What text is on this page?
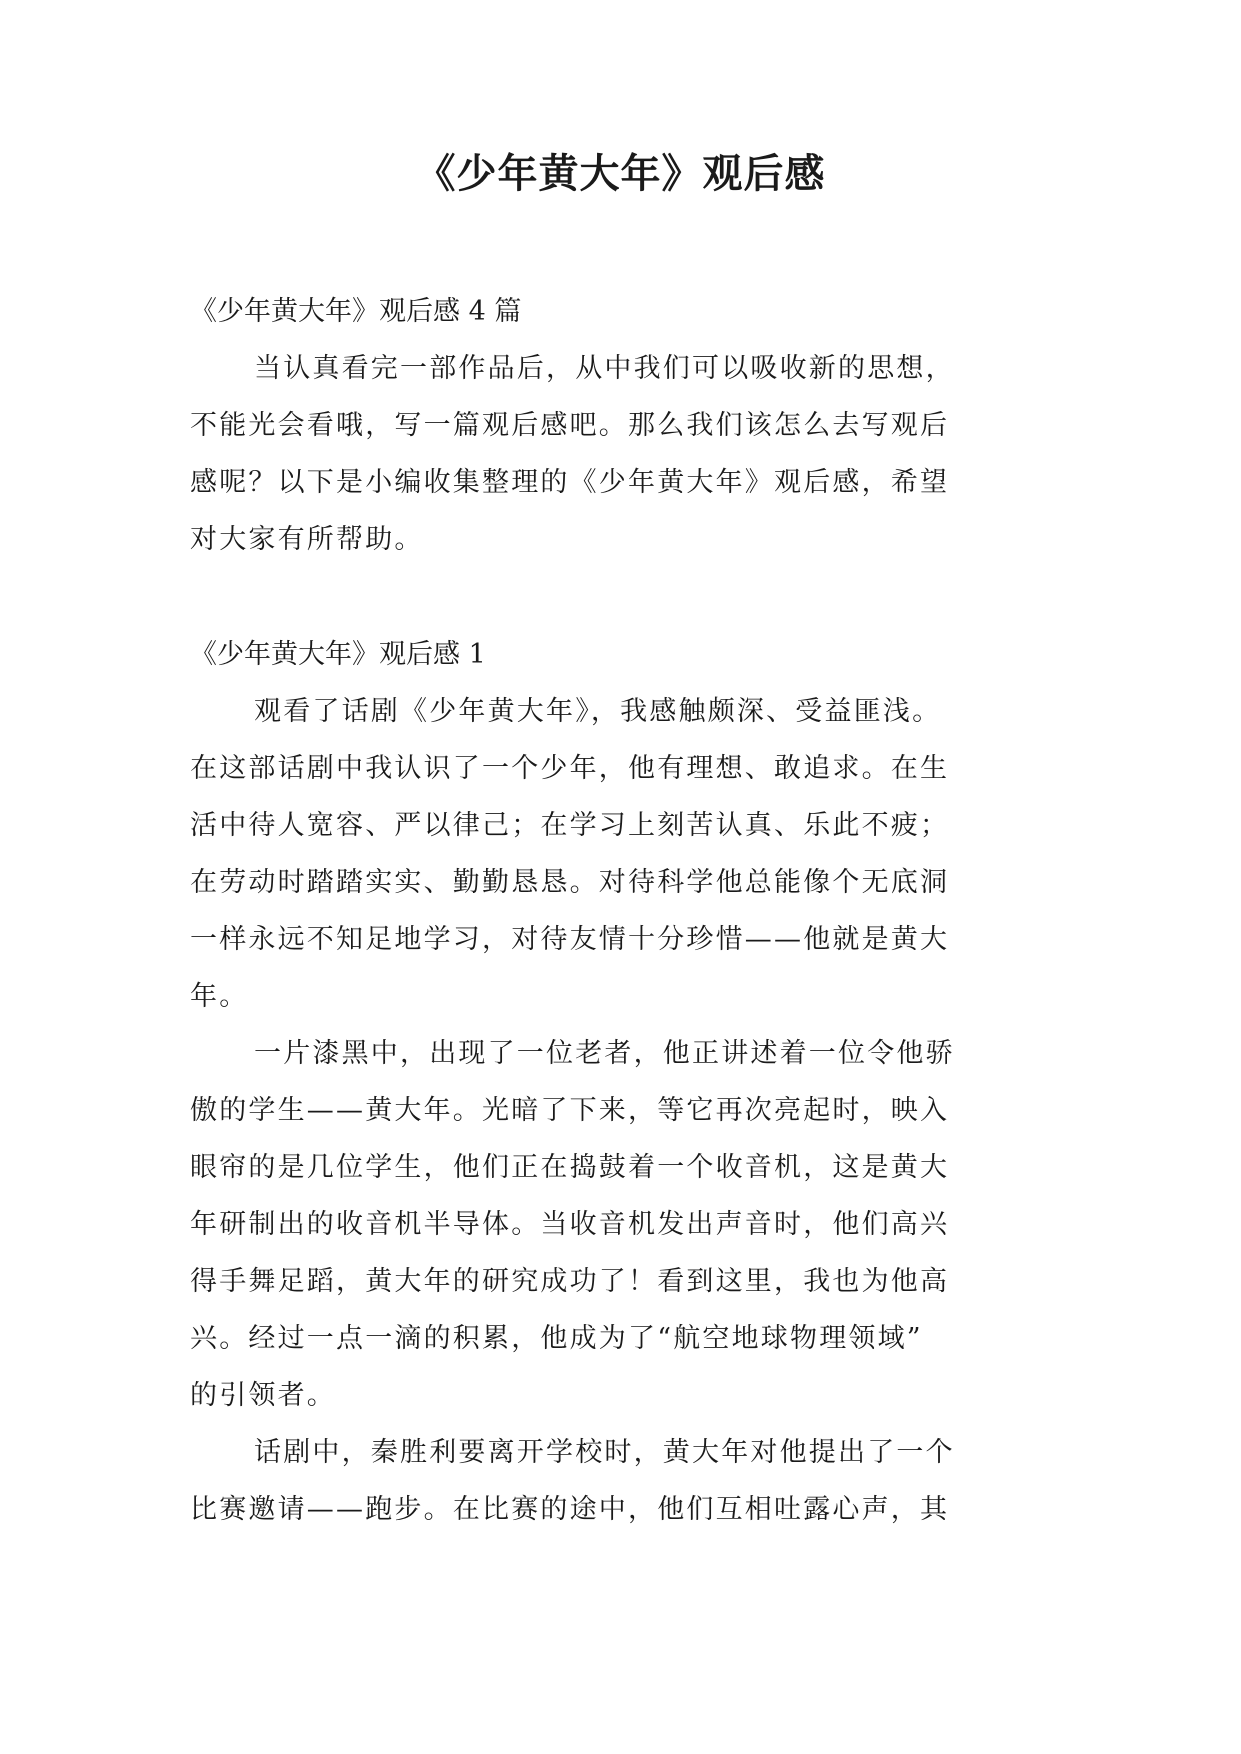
《少年黄大年》观后感

《少年黄大年》观后感 4 篇

当认真看完一部作品后，从中我们可以吸收新的思想，
不能光会看哦，写一篇观后感吧。那么我们该怎么去写观后
感呢？以下是小编收集整理的《少年黄大年》观后感，希望
对大家有所帮助。

《少年黄大年》观后感 1

观看了话剧《少年黄大年》，我感触颇深、受益匪浅。
在这部话剧中我认识了一个少年，他有理想、敢追求。在生
活中待人宽容、严以律己；在学习上刻苦认真、乐此不疲；
在劳动时踏踏实实、勤勤恳恳。对待科学他总能像个无底洞
一样永远不知足地学习，对待友情十分珍惜——他就是黄大
年。

一片漆黑中，出现了一位老者，他正讲述着一位令他骄
傲的学生——黄大年。光暗了下来，等它再次亮起时，映入
眼帘的是几位学生，他们正在捣鼓着一个收音机，这是黄大
年研制出的收音机半导体。当收音机发出声音时，他们高兴
得手舞足蹈，黄大年的研究成功了！看到这里，我也为他高
兴。经过一点一滴的积累，他成为了“航空地球物理领域”
的引领者。

话剧中，秦胜利要离开学校时，黄大年对他提出了一个
比赛邀请——跑步。在比赛的途中，他们互相吐露心声，其
